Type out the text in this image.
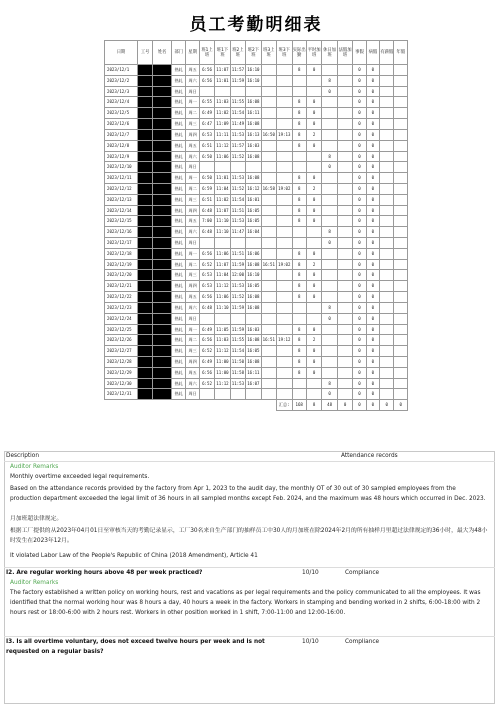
员工考勤明细表
日期	工号	姓名	部门	星期	班1上班	班1下班	班2上班	班2下班	班3上班	班3下班	实际出勤	平时加班	休日加班	法假加班	事假	病假	有薪假	年假
2023/12/1			热轧	周五	6:56	11:07	11:57	16:10			8	0			0	0		
2023/12/2			热轧	周六	6:56	11:01	11:59	16:10					8		0	0		
2023/12/3			热轧	周日									0		0	0		
2023/12/4			热轧	周一	6:55	11:03	11:55	16:08			8	0			0	0		
2023/12/5			热轧	周二	6:49	11:02	11:54	16:11			8	0			0	0		
2023/12/6			热轧	周三	6:47	11:09	11:49	16:08			8	0			0	0		
2023/12/7			热轧	周四	6:53	11:11	11:53	16:13	16:50	19:13	8	2			0	0		
2023/12/8			热轧	周五	6:51	11:12	11:57	16:03			8	0			0	0		
2023/12/9			热轧	周六	6:50	11:06	11:52	16:08					8		0	0		
2023/12/10			热轧	周日									0		0	0		
2023/12/11			热轧	周一	6:50	11:01	11:53	16:08			8	0			0	0		
2023/12/12			热轧	周二	6:59	11:04	11:52	16:12	16:58	19:02	8	2			0	0		
2023/12/13			热轧	周三	6:51	11:02	11:54	16:01			8	0			0	0		
2023/12/14			热轧	周四	6:48	11:07	11:51	16:05			8	0			0	0		
2023/12/15			热轧	周五	7:00	11:10	11:53	16:05			8	0			0	0		
2023/12/16			热轧	周六	6:48	11:10	11:47	16:04					8		0	0		
2023/12/17			热轧	周日									0		0	0		
2023/12/18			热轧	周一	6:56	11:06	11:51	16:06			8	0			0	0		
2023/12/19			热轧	周二	6:52	11:07	11:59	16:08	16:51	19:02	8	2			0	0		
2023/12/20			热轧	周三	6:53	11:04	12:00	16:10			8	0			0	0		
2023/12/21			热轧	周四	6:53	11:12	11:53	16:05			8	0			0	0		
2023/12/22			热轧	周五	6:56	11:06	11:52	16:08			8	0			0	0		
2023/12/23			热轧	周六	6:48	11:10	11:59	16:08					8		0	0		
2023/12/24			热轧	周日									0		0	0		
2023/12/25			热轧	周一	6:49	11:05	11:59	16:03			8	0			0	0		
2023/12/26			热轧	周二	6:56	11:03	11:55	16:08	16:51	19:12	8	2			0	0		
2023/12/27			热轧	周三	6:52	11:12	11:54	16:05			8	0			0	0		
2023/12/28			热轧	周四	6:49	11:00	11:50	16:08			8	0			0	0		
2023/12/29			热轧	周五	6:56	11:00	11:58	16:11			8	0			0	0		
2023/12/30			热轧	周六	6:52	11:12	11:53	16:07					8		0	0		
2023/12/31			热轧	周日									0		0	0		
										汇总:	168	8	48	0	0	0	0	0
Description	Attendance records
Auditor Remarks
Monthly overtime exceeded legal requirements.
Based on the attendance records provided by the factory from Apr 1, 2023 to the audit day, the monthly OT of 30 out of 30 sampled employees from the production department exceeded the legal limit of 36 hours in all sampled months except Feb. 2024, and the maximum was 48 hours which occurred in Dec. 2023.
月加班超法律规定。
根据工厂提供的从2023年04月01日至审核当天的考勤记录显示，工厂30名来自生产部门的抽样员工中30人的月加班在除2024年2月的所有抽样月里超过法律规定的36小时，最大为48小时发生在2023年12月。
It violated Labor Law of the People's Republic of China (2018 Amendment), Article 41
I2. Are regular working hours above 48 per week practiced?	10/10	Compliance
Auditor Remarks
The factory established a written policy on working hours, rest and vacations as per legal requirements and the policy communicated to all the employees. It was identified that the normal working hour was 8 hours a day, 40 hours a week in the factory. Workers in stamping and bending worked in 2 shifts, 6:00-18:00 with 2 hours rest or 18:00-6:00 with 2 hours rest. Workers in other position worked in 1 shift, 7:00-11:00 and 12:00-16:00.
I3. Is all overtime voluntary, does not exceed twelve hours per week and is not requested on a regular basis?
10/10	Compliance
